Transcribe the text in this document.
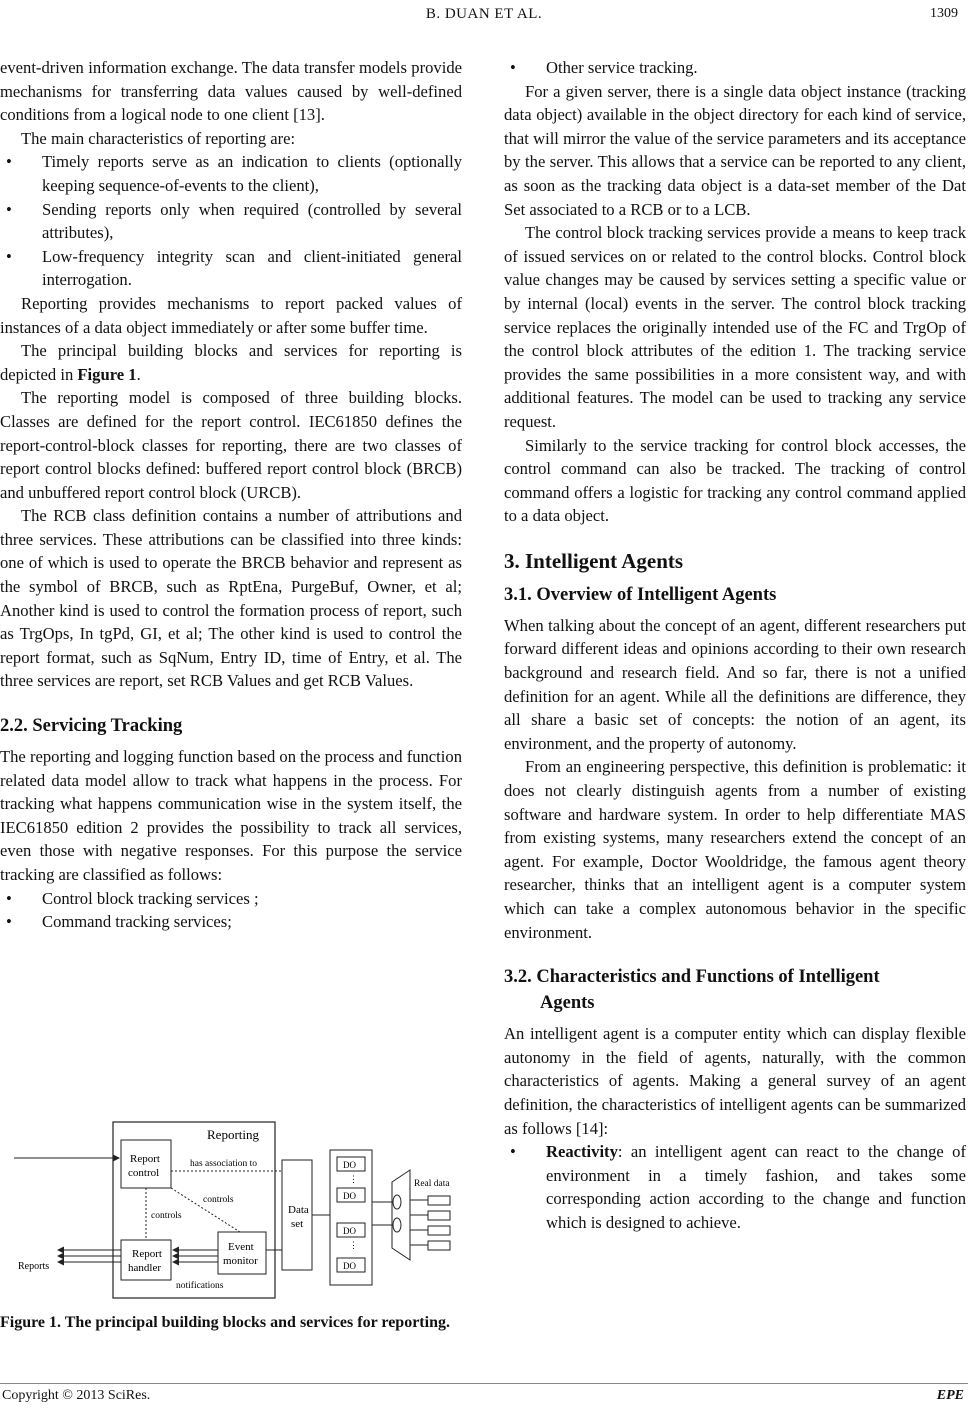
B. DUAN ET AL.	1309

event-driven information exchange. The data transfer models provide mechanisms for transferring data values caused by well-defined conditions from a logical node to one client [13].

The main characteristics of reporting are:

• Timely reports serve as an indication to clients (optionally keeping sequence-of-events to the client),
• Sending reports only when required (controlled by several attributes),
• Low-frequency integrity scan and client-initiated general interrogation.

Reporting provides mechanisms to report packed values of instances of a data object immediately or after some buffer time.

The principal building blocks and services for reporting is depicted in Figure 1.

The reporting model is composed of three building blocks. Classes are defined for the report control. IEC61850 defines the report-control-block classes for reporting, there are two classes of report control blocks defined: buffered report control block (BRCB) and unbuffered report control block (URCB).

The RCB class definition contains a number of attributions and three services. These attributions can be classified into three kinds: one of which is used to operate the BRCB behavior and represent as the symbol of BRCB, such as RptEna, PurgeBuf, Owner, et al; Another kind is used to control the formation process of report, such as TrgOps, In tgPd, GI, et al; The other kind is used to control the report format, such as SqNum, Entry ID, time of Entry, et al. The three services are report, set RCB Values and get RCB Values.

2.2. Servicing Tracking

The reporting and logging function based on the process and function related data model allow to track what happens in the process. For tracking what happens communication wise in the system itself, the IEC61850 edition 2 provides the possibility to track all services, even those with negative responses. For this purpose the service tracking are classified as follows:

• Control block tracking services ;
• Command tracking services;
Reporting
Report
control
has association to
controls
controls
Report
handler
Event
monitor
notifications
Reports
Data
set
DO
⋮
DO
DO
⋮
DO
Real data
Figure 1. The principal building blocks and services for reporting.
• Other service tracking.

For a given server, there is a single data object instance (tracking data object) available in the object directory for each kind of service, that will mirror the value of the service parameters and its acceptance by the server. This allows that a service can be reported to any client, as soon as the tracking data object is a data-set member of the Dat Set associated to a RCB or to a LCB.

The control block tracking services provide a means to keep track of issued services on or related to the control blocks. Control block value changes may be caused by services setting a specific value or by internal (local) events in the server. The control block tracking service replaces the originally intended use of the FC and TrgOp of the control block attributes of the edition 1. The tracking service provides the same possibilities in a more consistent way, and with additional features. The model can be used to tracking any service request.

Similarly to the service tracking for control block accesses, the control command can also be tracked. The tracking of control command offers a logistic for tracking any control command applied to a data object.

3. Intelligent Agents
3.1. Overview of Intelligent Agents

When talking about the concept of an agent, different researchers put forward different ideas and opinions according to their own research background and research field. And so far, there is not a unified definition for an agent. While all the definitions are difference, they all share a basic set of concepts: the notion of an agent, its environment, and the property of autonomy.

From an engineering perspective, this definition is problematic: it does not clearly distinguish agents from a number of existing software and hardware system. In order to help differentiate MAS from existing systems, many researchers extend the concept of an agent. For example, Doctor Wooldridge, the famous agent theory researcher, thinks that an intelligent agent is a computer system which can take a complex autonomous behavior in the specific environment.

3.2. Characteristics and Functions of Intelligent
Agents

An intelligent agent is a computer entity which can display flexible autonomy in the field of agents, naturally, with the common characteristics of agents. Making a general survey of an agent definition, the characteristics of intelligent agents can be summarized as follows [14]:

• Reactivity: an intelligent agent can react to the change of environment in a timely fashion, and takes some corresponding action according to the change and function which is designed to achieve.
Copyright © 2013 SciRes.	EPE
